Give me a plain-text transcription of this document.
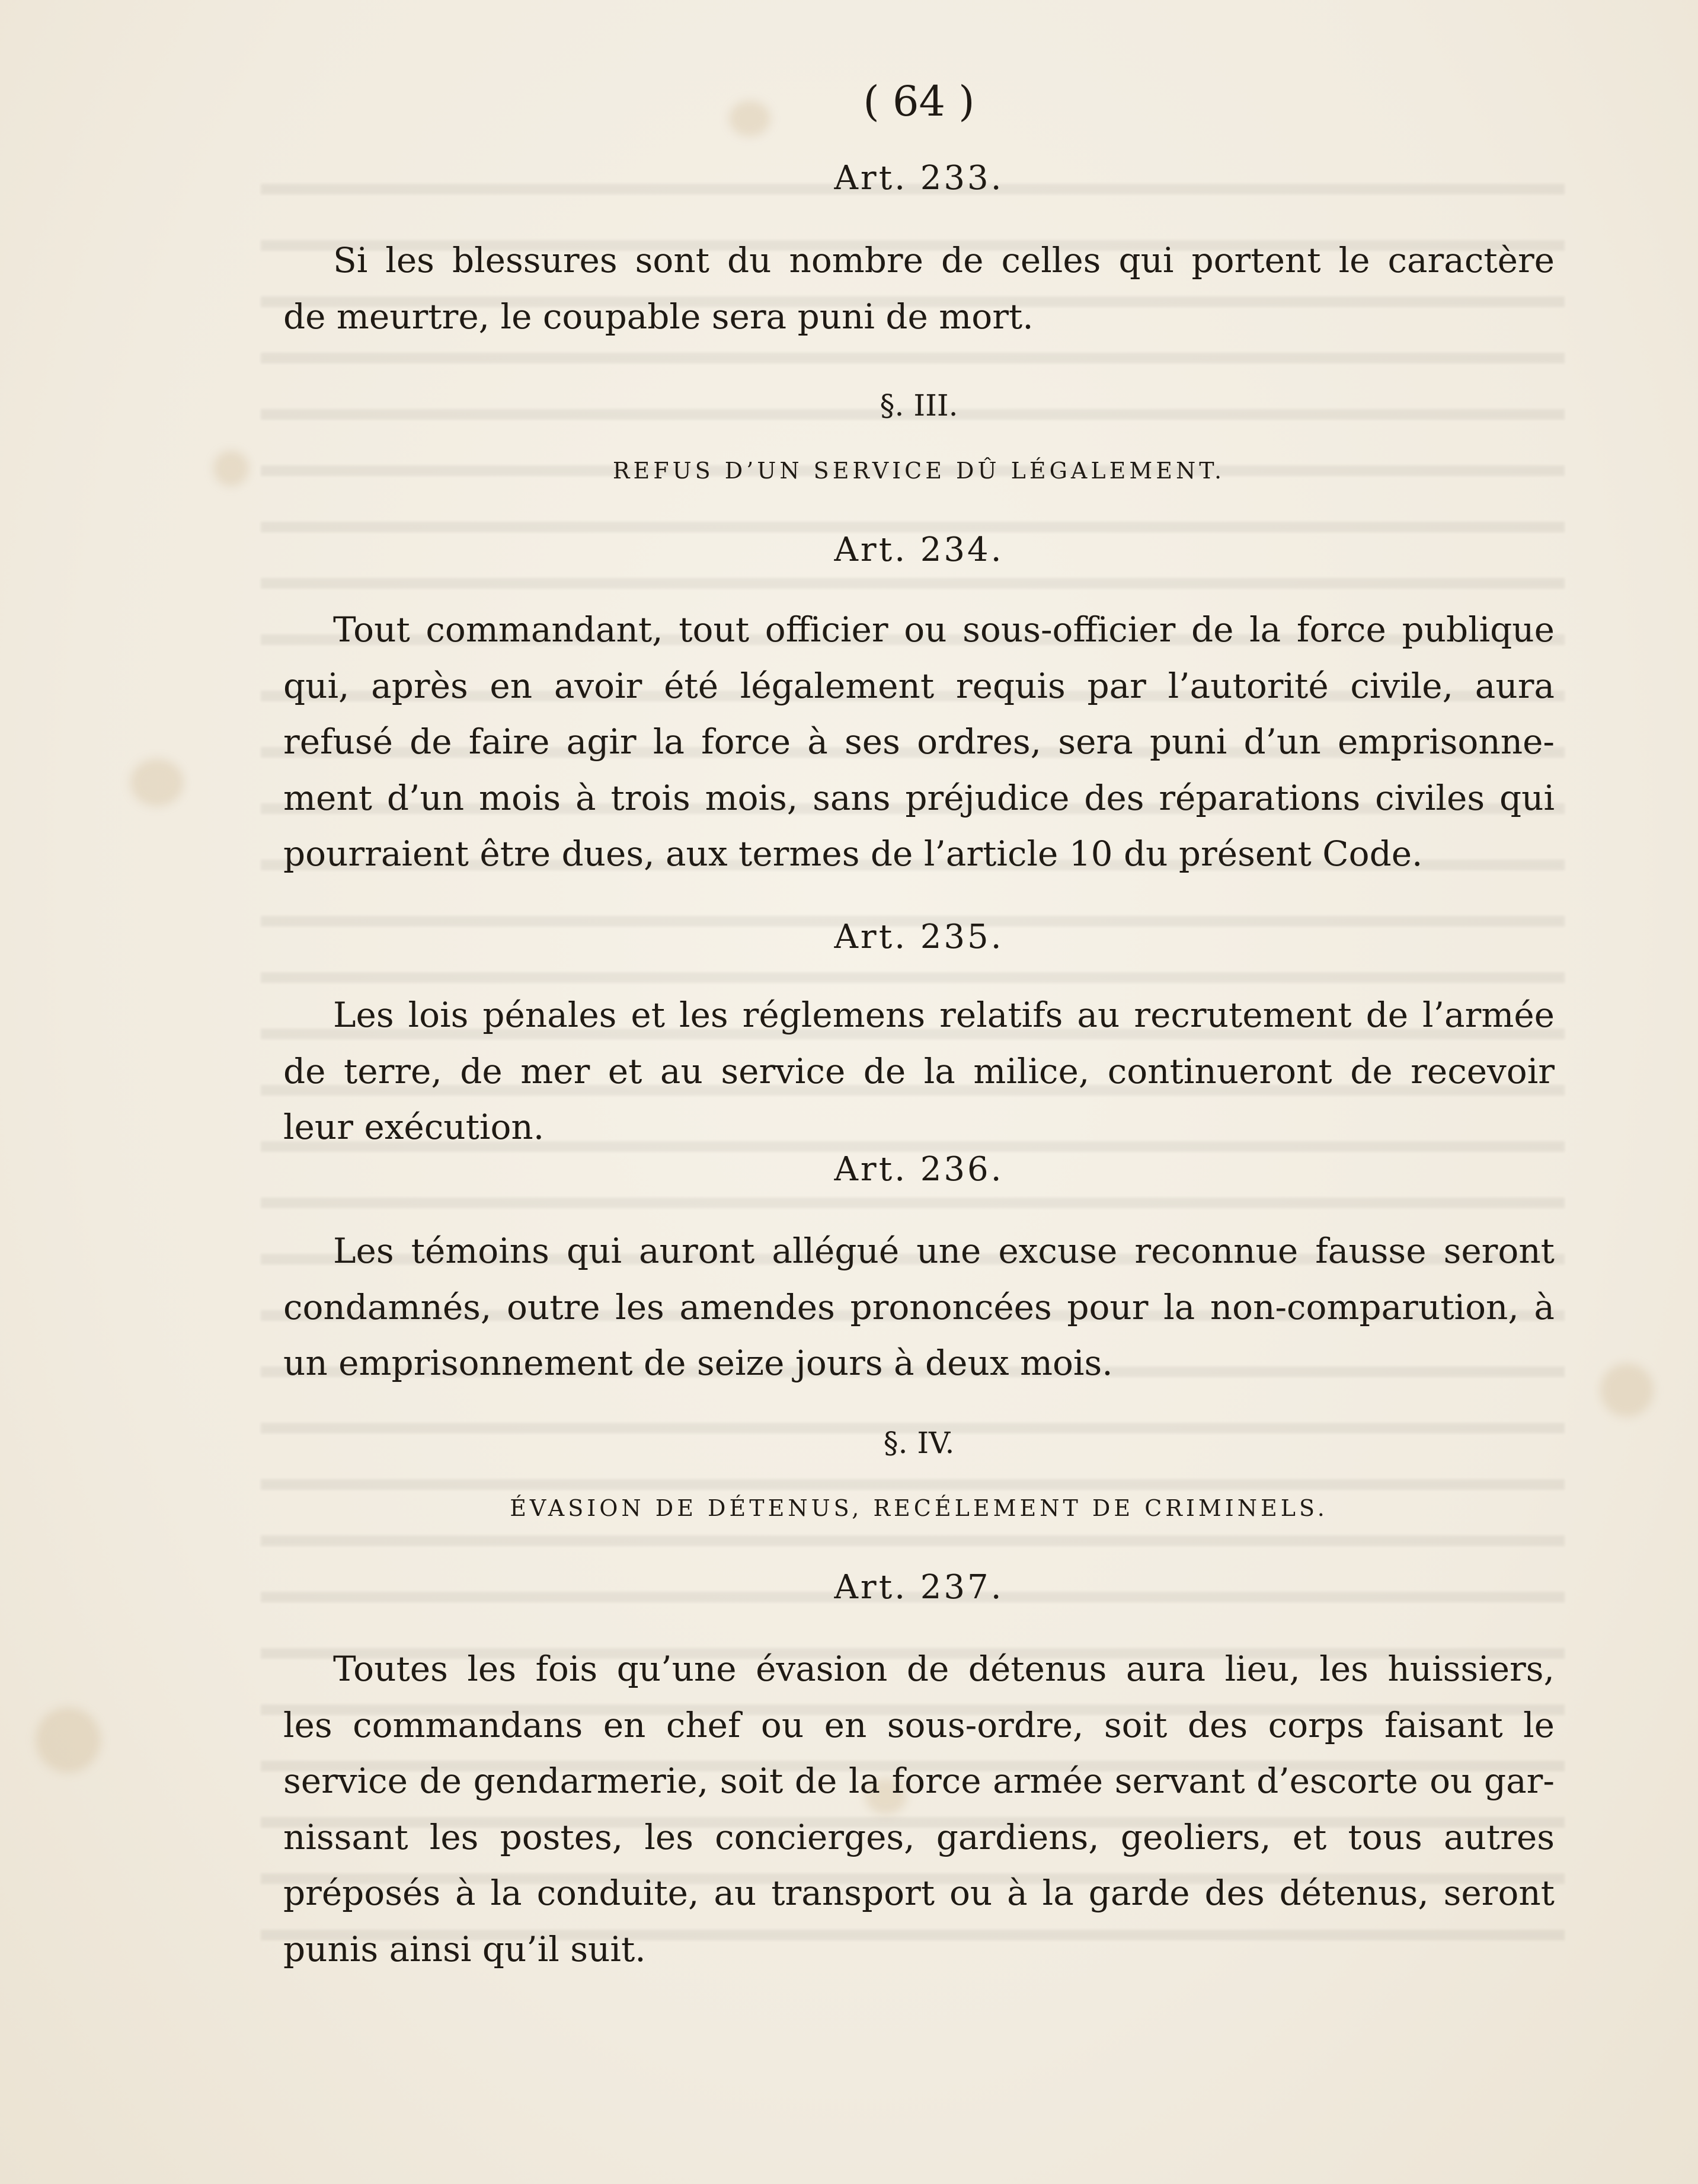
( 64 )
Art. 233.
Si les blessures sont du nombre de celles qui portent le caractère
de meurtre, le coupable sera puni de mort.
§. III.
REFUS D’UN SERVICE DÛ LÉGALEMENT.
Art. 234.
Tout commandant, tout officier ou sous-officier de la force publique
qui, après en avoir été légalement requis par l’autorité civile, aura
refusé de faire agir la force à ses ordres, sera puni d’un emprisonne-
ment d’un mois à trois mois, sans préjudice des réparations civiles qui
pourraient être dues, aux termes de l’article 10 du présent Code.
Art. 235.
Les lois pénales et les réglemens relatifs au recrutement de l’armée
de terre, de mer et au service de la milice, continueront de recevoir
leur exécution.
Art. 236.
Les témoins qui auront allégué une excuse reconnue fausse seront
condamnés, outre les amendes prononcées pour la non-comparution, à
un emprisonnement de seize jours à deux mois.
§. IV.
ÉVASION DE DÉTENUS, RECÉLEMENT DE CRIMINELS.
Art. 237.
Toutes les fois qu’une évasion de détenus aura lieu, les huissiers,
les commandans en chef ou en sous-ordre, soit des corps faisant le
service de gendarmerie, soit de la force armée servant d’escorte ou gar-
nissant les postes, les concierges, gardiens, geoliers, et tous autres
préposés à la conduite, au transport ou à la garde des détenus, seront
punis ainsi qu’il suit.
